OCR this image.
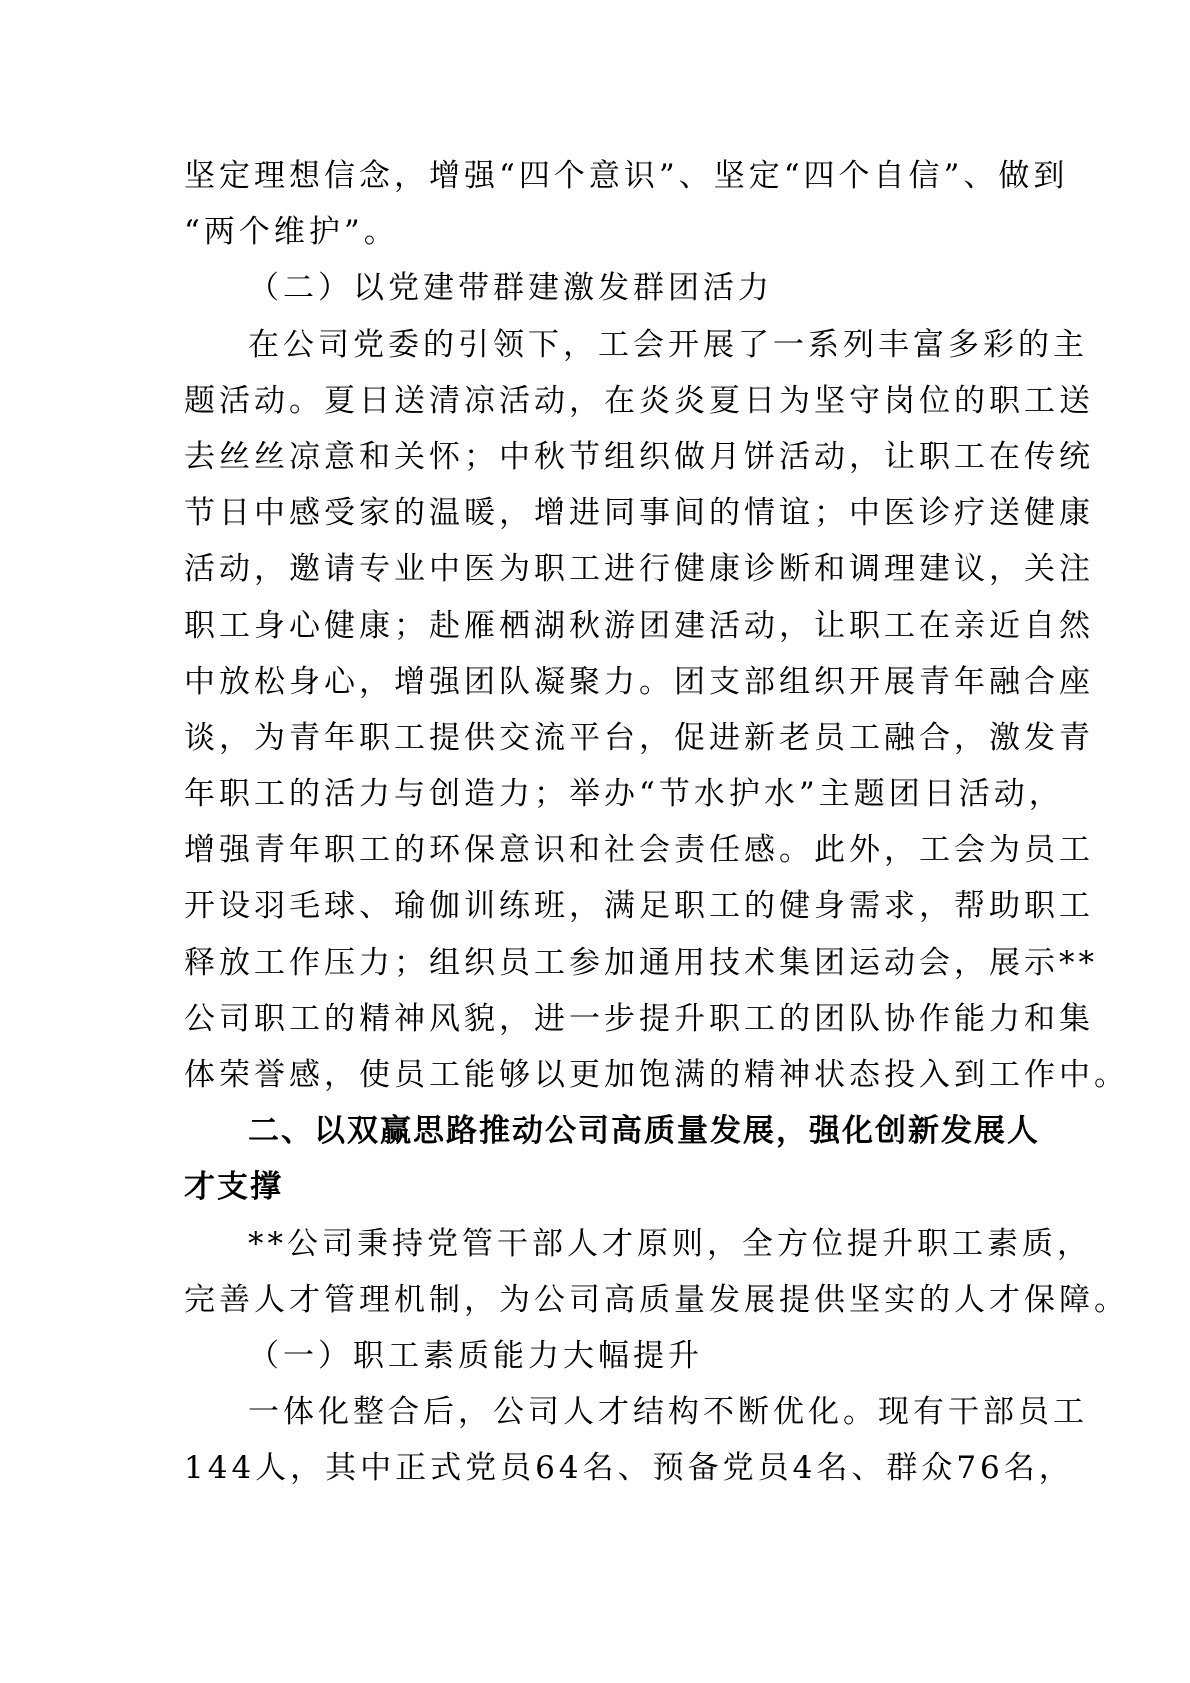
坚定理想信念，增强“四个意识”、坚定“四个自信”、做到
“两个维护”。
（二）以党建带群建激发群团活力
在公司党委的引领下，工会开展了一系列丰富多彩的主
题活动。夏日送清凉活动，在炎炎夏日为坚守岗位的职工送
去丝丝凉意和关怀；中秋节组织做月饼活动，让职工在传统
节日中感受家的温暖，增进同事间的情谊；中医诊疗送健康
活动，邀请专业中医为职工进行健康诊断和调理建议，关注
职工身心健康；赴雁栖湖秋游团建活动，让职工在亲近自然
中放松身心，增强团队凝聚力。团支部组织开展青年融合座
谈，为青年职工提供交流平台，促进新老员工融合，激发青
年职工的活力与创造力；举办“节水护水”主题团日活动，
增强青年职工的环保意识和社会责任感。此外，工会为员工
开设羽毛球、瑜伽训练班，满足职工的健身需求，帮助职工
释放工作压力；组织员工参加通用技术集团运动会，展示**
公司职工的精神风貌，进一步提升职工的团队协作能力和集
体荣誉感，使员工能够以更加饱满的精神状态投入到工作中。
二、以双赢思路推动公司高质量发展，强化创新发展人
才支撑
**公司秉持党管干部人才原则，全方位提升职工素质，
完善人才管理机制，为公司高质量发展提供坚实的人才保障。
（一）职工素质能力大幅提升
一体化整合后，公司人才结构不断优化。现有干部员工
144人，其中正式党员64名、预备党员4名、群众76名，
